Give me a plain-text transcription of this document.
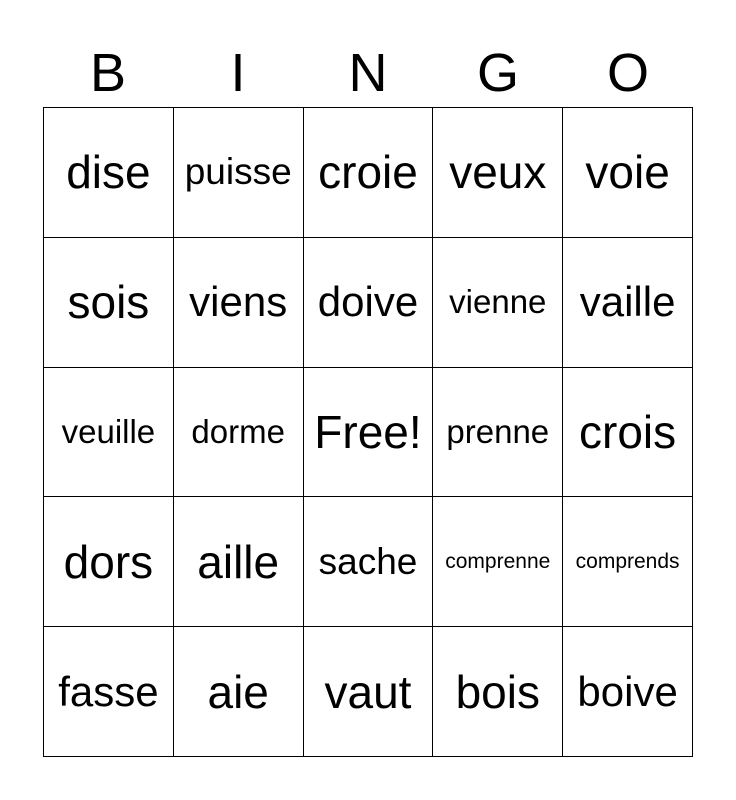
B	I	N	G	O
dise puisse croie veux voie
sois viens doive vienne vaille
veuille	dorme Free! prenne crois
dors aille	sache	comprenne	comprends
fasse	aie	vaut bois boive
